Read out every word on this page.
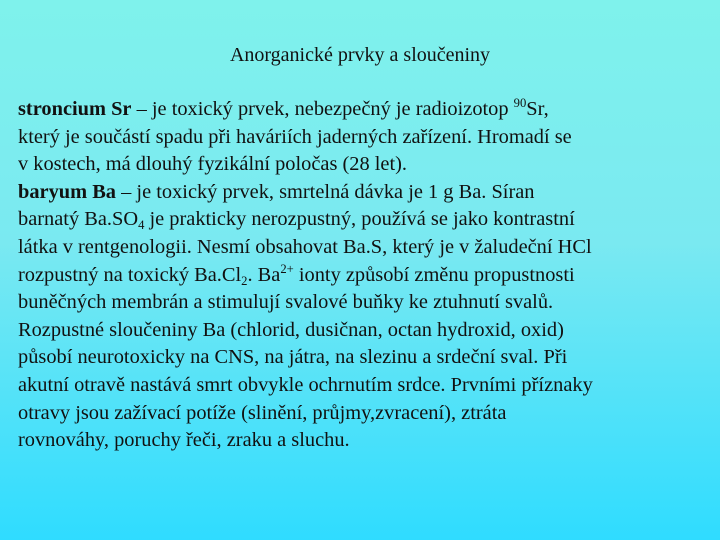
Anorganické prvky a sloučeniny
stroncium Sr – je toxický prvek, nebezpečný je radioizotop $^{90}$Sr,
který je součástí spadu při haváriích jaderných zařízení. Hromadí se
v kostech, má dlouhý fyzikální poločas (28 let).
baryum Ba – je toxický prvek, smrtelná dávka je 1 g Ba. Síran
barnatý $Ba.SO_4$ je prakticky nerozpustný, používá se jako kontrastní
látka v rentgenologii. Nesmí obsahovat Ba.S, který je v žaludeční HCl
rozpustný na toxický $Ba.Cl_2$. $Ba^{2+}$ ionty způsobí změnu propustnosti
buněčných membrán a stimulují svalové buňky ke ztuhnutí svalů.
Rozpustné sloučeniny Ba (chlorid, dusičnan, octan hydroxid, oxid)
působí neurotoxicky na CNS, na játra, na slezinu a srdeční sval. Při
akutní otravě nastává smrt obvykle ochrnutím srdce. Prvními příznaky
otravy jsou zažívací potíže (slinění, průjmy,zvracení), ztráta
rovnováhy, poruchy řeči, zraku a sluchu.
